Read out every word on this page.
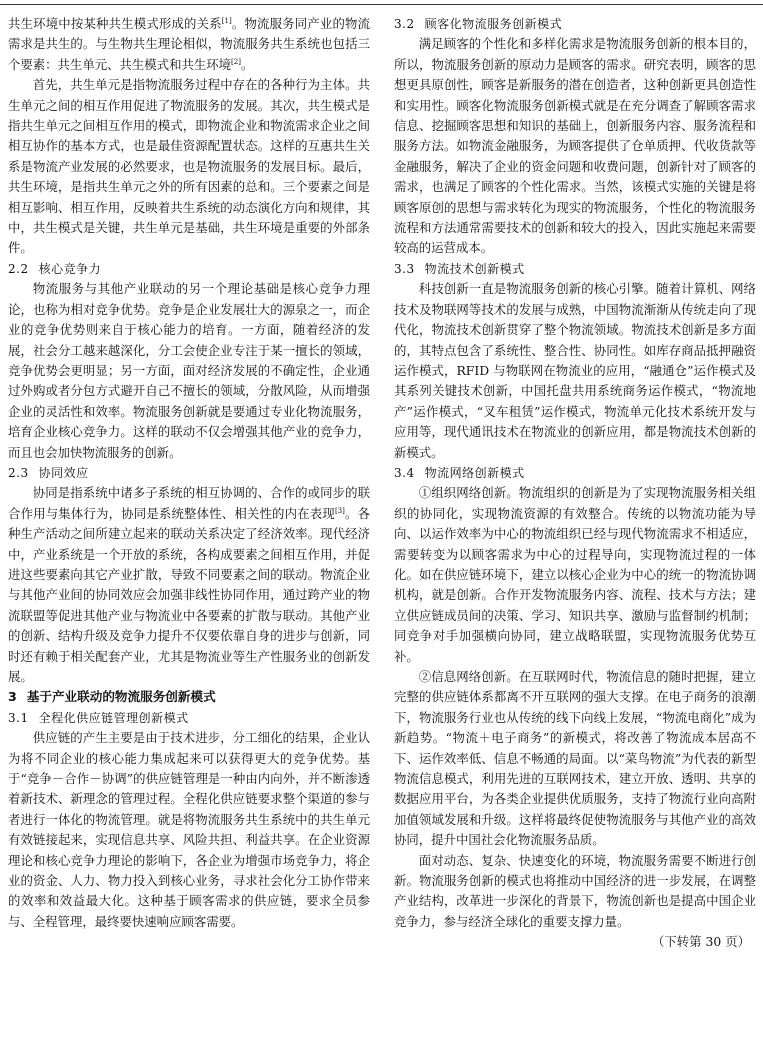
共生环境中按某种共生模式形成的关系[1]。物流服务同产业的物流需求是共生的。与生物共生理论相似，物流服务共生系统也包括三个要素：共生单元、共生模式和共生环境[2]。

首先，共生单元是指物流服务过程中存在的各种行为主体。共生单元之间的相互作用促进了物流服务的发展。其次，共生模式是指共生单元之间相互作用的模式，即物流企业和物流需求企业之间相互协作的基本方式，也是最佳资源配置状态。这样的互惠共生关系是物流产业发展的必然要求，也是物流服务的发展目标。最后，共生环境，是指共生单元之外的所有因素的总和。三个要素之间是相互影响、相互作用，反映着共生系统的动态演化方向和规律，其中，共生模式是关键，共生单元是基础，共生环境是重要的外部条件。

2.2 核心竞争力

物流服务与其他产业联动的另一个理论基础是核心竞争力理论，也称为相对竞争优势。竞争是企业发展壮大的源泉之一，而企业的竞争优势则来自于核心能力的培育。一方面，随着经济的发展，社会分工越来越深化，分工会使企业专注于某一擅长的领域，竞争优势会更明显；另一方面，面对经济发展的不确定性，企业通过外购或者分包方式避开自己不擅长的领域，分散风险，从而增强企业的灵活性和效率。物流服务创新就是要通过专业化物流服务，培育企业核心竞争力。这样的联动不仅会增强其他产业的竞争力，而且也会加快物流服务的创新。

2.3 协同效应

协同是指系统中诸多子系统的相互协调的、合作的或同步的联合作用与集体行为，协同是系统整体性、相关性的内在表现[3]。各种生产活动之间所建立起来的联动关系决定了经济效率。现代经济中，产业系统是一个开放的系统，各构成要素之间相互作用，并促进这些要素向其它产业扩散，导致不同要素之间的联动。物流企业与其他产业间的协同效应会加强非线性协同作用，通过跨产业的物流联盟等促进其他产业与物流业中各要素的扩散与联动。其他产业的创新、结构升级及竞争力提升不仅要依靠自身的进步与创新，同时还有赖于相关配套产业，尤其是物流业等生产性服务业的创新发展。

3 基于产业联动的物流服务创新模式
3.1 全程化供应链管理创新模式

供应链的产生主要是由于技术进步，分工细化的结果，企业认为将不同企业的核心能力集成起来可以获得更大的竞争优势。基于“竞争－合作－协调”的供应链管理是一种由内向外，并不断渗透着新技术、新理念的管理过程。全程化供应链要求整个渠道的参与者进行一体化的物流管理。就是将物流服务共生系统中的共生单元有效链接起来，实现信息共享、风险共担、利益共享。在企业资源理论和核心竞争力理论的影响下，各企业为增强市场竞争力，将企业的资金、人力、物力投入到核心业务，寻求社会化分工协作带来的效率和效益最大化。这种基于顾客需求的供应链，要求全员参与、全程管理，最终要快速响应顾客需要。

3.2 顾客化物流服务创新模式

满足顾客的个性化和多样化需求是物流服务创新的根本目的，所以，物流服务创新的原动力是顾客的需求。研究表明，顾客的思想更具原创性，顾客是新服务的潜在创造者，这种创新更具创造性和实用性。顾客化物流服务创新模式就是在充分调查了解顾客需求信息、挖掘顾客思想和知识的基础上，创新服务内容、服务流程和服务方法。如物流金融服务，为顾客提供了仓单质押、代收货款等金融服务，解决了企业的资金问题和收费问题，创新针对了顾客的需求，也满足了顾客的个性化需求。当然，该模式实施的关键是将顾客原创的思想与需求转化为现实的物流服务，个性化的物流服务流程和方法通常需要技术的创新和较大的投入，因此实施起来需要较高的运营成本。

3.3 物流技术创新模式

科技创新一直是物流服务创新的核心引擎。随着计算机、网络技术及物联网等技术的发展与成熟，中国物流渐渐从传统走向了现代化，物流技术创新贯穿了整个物流领域。物流技术创新是多方面的，其特点包含了系统性、整合性、协同性。如库存商品抵押融资运作模式，RFID 与物联网在物流业的应用，“融通仓”运作模式及其系列关键技术创新，中国托盘共用系统商务运作模式，“物流地产”运作模式，“叉车租赁”运作模式，物流单元化技术系统开发与应用等，现代通讯技术在物流业的创新应用，都是物流技术创新的新模式。

3.4 物流网络创新模式

①组织网络创新。物流组织的创新是为了实现物流服务相关组织的协同化，实现物流资源的有效整合。传统的以物流功能为导向、以运作效率为中心的物流组织已经与现代物流需求不相适应，需要转变为以顾客需求为中心的过程导向，实现物流过程的一体化。如在供应链环境下，建立以核心企业为中心的统一的物流协调机构，就是创新。合作开发物流服务内容、流程、技术与方法；建立供应链成员间的决策、学习、知识共享、激励与监督制约机制；同竞争对手加强横向协同，建立战略联盟，实现物流服务优势互补。

②信息网络创新。在互联网时代，物流信息的随时把握，建立完整的供应链体系都离不开互联网的强大支撑。在电子商务的浪潮下，物流服务行业也从传统的线下向线上发展，“物流电商化”成为新趋势。“物流＋电子商务”的新模式，将改善了物流成本居高不下、运作效率低、信息不畅通的局面。以“菜鸟物流”为代表的新型物流信息模式，利用先进的互联网技术，建立开放、透明、共享的数据应用平台，为各类企业提供优质服务，支持了物流行业向高附加值领域发展和升级。这样将最终促使物流服务与其他产业的高效协同，提升中国社会化物流服务品质。

面对动态、复杂、快速变化的环境，物流服务需要不断进行创新。物流服务创新的模式也将推动中国经济的进一步发展，在调整产业结构，改革进一步深化的背景下，物流创新也是提高中国企业竞争力，参与经济全球化的重要支撑力量。

（下转第 30 页）
